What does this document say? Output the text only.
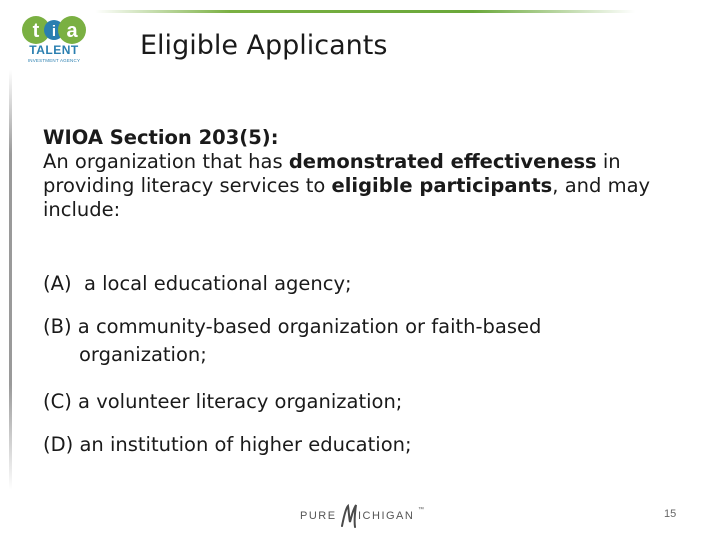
t i a
TALENT
INVESTMENT AGENCY	Eligible Applicants
WIOA Section 203(5):
An organization that has demonstrated effectiveness in providing literacy services to eligible participants, and may include:
(A) a local educational agency;
(B) a community-based organization or faith-based
organization;
(C) a volunteer literacy organization;
(D) an institution of higher education;
PURE ICHIGAN ™	15
